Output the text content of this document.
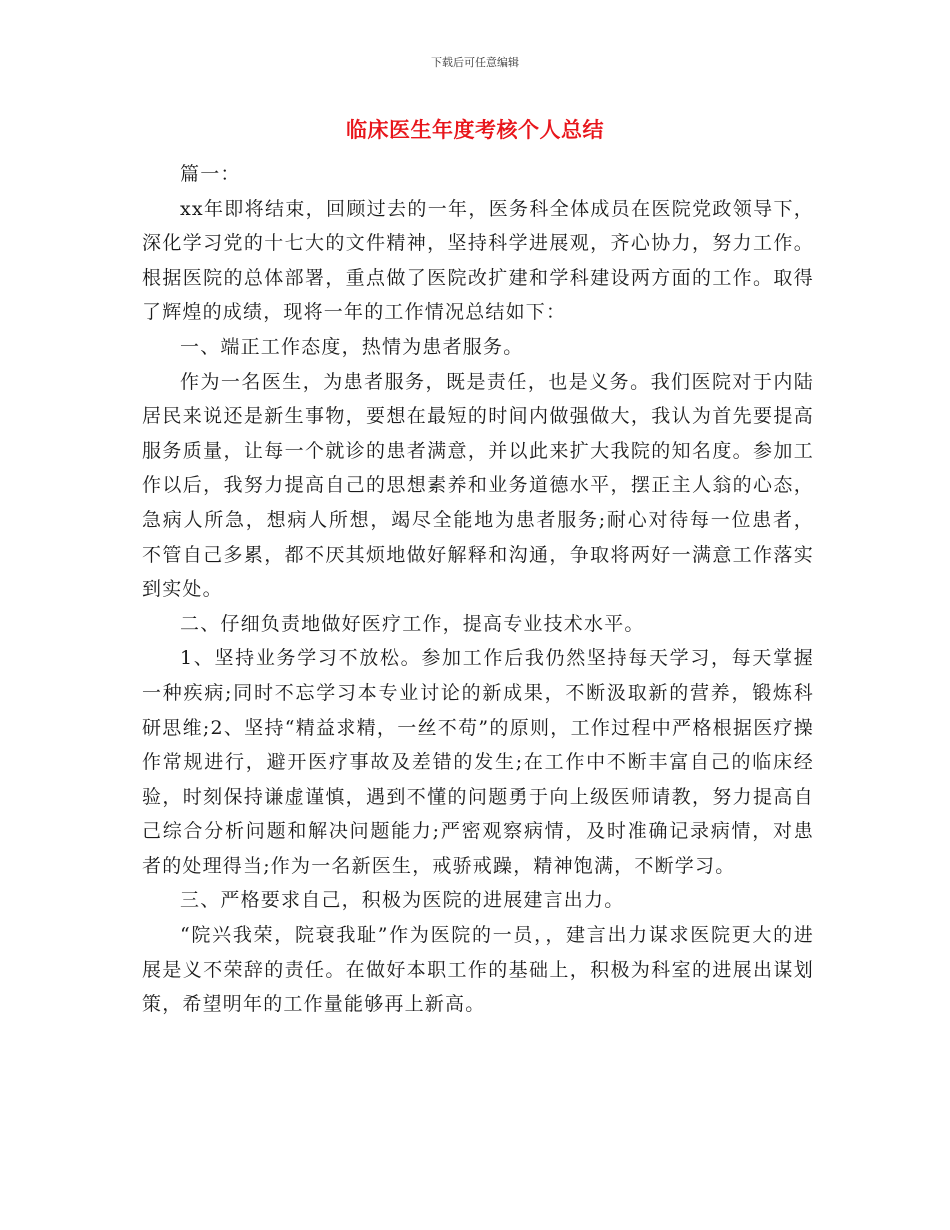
下载后可任意编辑
临床医生年度考核个人总结

篇一：

xx年即将结束，回顾过去的一年，医务科全体成员在医院党政领导下，深化学习党的十七大的文件精神，坚持科学进展观，齐心协力，努力工作。根据医院的总体部署，重点做了医院改扩建和学科建设两方面的工作。取得了辉煌的成绩，现将一年的工作情况总结如下：

一、端正工作态度，热情为患者服务。

作为一名医生，为患者服务，既是责任，也是义务。我们医院对于内陆居民来说还是新生事物，要想在最短的时间内做强做大，我认为首先要提高服务质量，让每一个就诊的患者满意，并以此来扩大我院的知名度。参加工作以后，我努力提高自己的思想素养和业务道德水平，摆正主人翁的心态，急病人所急，想病人所想，竭尽全能地为患者服务;耐心对待每一位患者，不管自己多累，都不厌其烦地做好解释和沟通，争取将两好一满意工作落实到实处。

二、仔细负责地做好医疗工作，提高专业技术水平。

1、坚持业务学习不放松。参加工作后我仍然坚持每天学习，每天掌握一种疾病;同时不忘学习本专业讨论的新成果，不断汲取新的营养，锻炼科研思维;2、坚持“精益求精，一丝不苟”的原则，工作过程中严格根据医疗操作常规进行，避开医疗事故及差错的发生;在工作中不断丰富自己的临床经验，时刻保持谦虚谨慎，遇到不懂的问题勇于向上级医师请教，努力提高自己综合分析问题和解决问题能力;严密观察病情，及时准确记录病情，对患者的处理得当;作为一名新医生，戒骄戒躁，精神饱满，不断学习。

三、严格要求自己，积极为医院的进展建言出力。

“院兴我荣，院衰我耻”作为医院的一员，，建言出力谋求医院更大的进展是义不荣辞的责任。在做好本职工作的基础上，积极为科室的进展出谋划策，希望明年的工作量能够再上新高。
